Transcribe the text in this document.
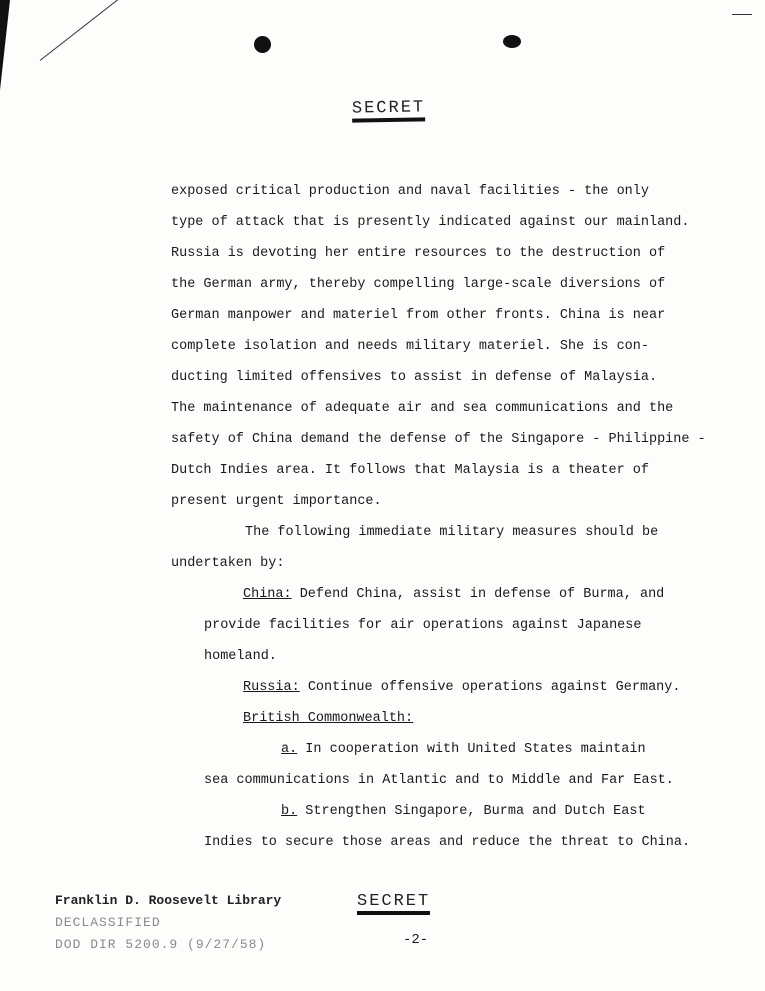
SECRET
exposed critical production and naval facilities - the only
type of attack that is presently indicated against our mainland.
Russia is devoting her entire resources to the destruction of
the German army, thereby compelling large-scale diversions of
German manpower and materiel from other fronts. China is near
complete isolation and needs military materiel. She is con-
ducting limited offensives to assist in defense of Malaysia.
The maintenance of adequate air and sea communications and the
safety of China demand the defense of the Singapore - Philippine -
Dutch Indies area. It follows that Malaysia is a theater of
present urgent importance.
The following immediate military measures should be
undertaken by:
China: Defend China, assist in defense of Burma, and
provide facilities for air operations against Japanese
homeland.
Russia: Continue offensive operations against Germany.
British Commonwealth:
a. In cooperation with United States maintain
sea communications in Atlantic and to Middle and Far East.
b. Strengthen Singapore, Burma and Dutch East
Indies to secure those areas and reduce the threat to China.
Franklin D. Roosevelt Library
DECLASSIFIED
DOD DIR 5200.9 (9/27/58)
SECRET
-2-
